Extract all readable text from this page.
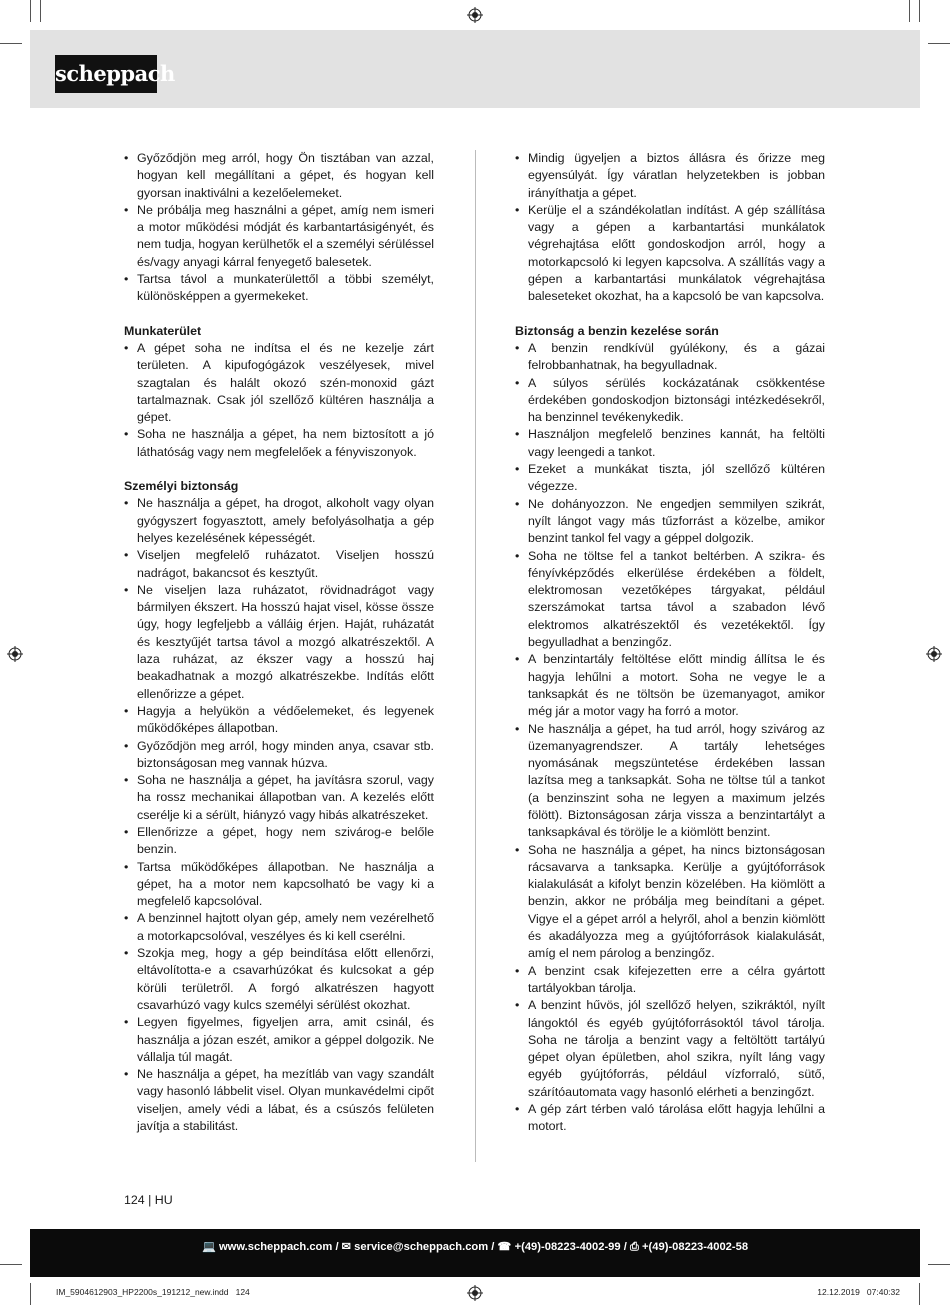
scheppach
• Győződjön meg arról, hogy Ön tisztában van azzal, hogyan kell megállítani a gépet, és hogyan kell gyorsan inaktiválni a kezelőelemeket.
• Ne próbálja meg használni a gépet, amíg nem ismeri a motor működési módját és karbantartásigényét, és nem tudja, hogyan kerülhetők el a személyi sérüléssel és/vagy anyagi kárral fenyegető balesetek.
• Tartsa távol a munkaterülettől a többi személyt, különösképpen a gyermekeket.
Munkaterület
• A gépet soha ne indítsa el és ne kezelje zárt területen. A kipufogógázok veszélyesek, mivel szagtalan és halált okozó szén-monoxid gázt tartalmaznak. Csak jól szellőző kültéren használja a gépet.
• Soha ne használja a gépet, ha nem biztosított a jó láthatóság vagy nem megfelelőek a fényviszonyok.
Személyi biztonság
• Ne használja a gépet, ha drogot, alkoholt vagy olyan gyógyszert fogyasztott, amely befolyásolhatja a gép helyes kezelésének képességét.
• Viseljen megfelelő ruházatot. Viseljen hosszú nadrágot, bakancsot és kesztyűt.
• Ne viseljen laza ruházatot, rövidnadrágot vagy bármilyen ékszert. Ha hosszú hajat visel, kösse össze úgy, hogy legfeljebb a válláig érjen. Haját, ruházatát és kesztyűjét tartsa távol a mozgó alkatrészektől. A laza ruházat, az ékszer vagy a hosszú haj beakadhatnak a mozgó alkatrészekbe. Indítás előtt ellenőrizze a gépet.
• Hagyja a helyükön a védőelemeket, és legyenek működőképes állapotban.
• Győződjön meg arról, hogy minden anya, csavar stb. biztonságosan meg vannak húzva.
• Soha ne használja a gépet, ha javításra szorul, vagy ha rossz mechanikai állapotban van. A kezelés előtt cserélje ki a sérült, hiányzó vagy hibás alkatrészeket.
• Ellenőrizze a gépet, hogy nem szivárog-e belőle benzin.
• Tartsa működőképes állapotban. Ne használja a gépet, ha a motor nem kapcsolható be vagy ki a megfelelő kapcsolóval.
• A benzinnel hajtott olyan gép, amely nem vezérelhető a motorkapcsolóval, veszélyes és ki kell cserélni.
• Szokja meg, hogy a gép beindítása előtt ellenőrzi, eltávolította-e a csavarhúzókat és kulcsokat a gép körüli területről. A forgó alkatrészen hagyott csavarhúzó vagy kulcs személyi sérülést okozhat.
• Legyen figyelmes, figyeljen arra, amit csinál, és használja a józan eszét, amikor a géppel dolgozik. Ne vállalja túl magát.
• Ne használja a gépet, ha mezítláb van vagy szandált vagy hasonló lábbelit visel. Olyan munkavédelmi cipőt viseljen, amely védi a lábat, és a csúszós felületen javítja a stabilitást.
• Mindig ügyeljen a biztos állásra és őrizze meg egyensúlyát. Így váratlan helyzetekben is jobban irányíthatja a gépet.
• Kerülje el a szándékolatlan indítást. A gép szállítása vagy a gépen a karbantartási munkálatok végrehajtása előtt gondoskodjon arról, hogy a motorkapcsoló ki legyen kapcsolva. A szállítás vagy a gépen a karbantartási munkálatok végrehajtása baleseteket okozhat, ha a kapcsoló be van kapcsolva.
Biztonság a benzin kezelése során
• A benzin rendkívül gyúlékony, és a gázai felrobbanhatnak, ha begyulladnak.
• A súlyos sérülés kockázatának csökkentése érdekében gondoskodjon biztonsági intézkedésekről, ha benzinnel tevékenykedik.
• Használjon megfelelő benzines kannát, ha feltölti vagy leengedi a tankot.
• Ezeket a munkákat tiszta, jól szellőző kültéren végezze.
• Ne dohányozzon. Ne engedjen semmilyen szikrát, nyílt lángot vagy más tűzforrást a közelbe, amikor benzint tankol fel vagy a géppel dolgozik.
• Soha ne töltse fel a tankot beltérben. A szikra- és fényívképződés elkerülése érdekében a földelt, elektromosan vezetőképes tárgyakat, például szerszámokat tartsa távol a szabadon lévő elektromos alkatrészektől és vezetékektől. Így begyulladhat a benzingőz.
• A benzintartály feltöltése előtt mindig állítsa le és hagyja lehűlni a motort. Soha ne vegye le a tanksapkát és ne töltsön be üzemanyagot, amikor még jár a motor vagy ha forró a motor.
• Ne használja a gépet, ha tud arról, hogy szivárog az üzemanyagrendszer. A tartály lehetséges nyomásának megszüntetése érdekében lassan lazítsa meg a tanksapkát. Soha ne töltse túl a tankot (a benzinszint soha ne legyen a maximum jelzés fölött). Biztonságosan zárja vissza a benzintartályt a tanksapkával és törölje le a kiömlött benzint.
• Soha ne használja a gépet, ha nincs biztonságosan rácsavarva a tanksapka. Kerülje a gyújtóforrások kialakulását a kifolyt benzin közelében. Ha kiömlött a benzin, akkor ne próbálja meg beindítani a gépet. Vigye el a gépet arról a helyről, ahol a benzin kiömlött és akadályozza meg a gyújtóforrások kialakulását, amíg el nem párolog a benzingőz.
• A benzint csak kifejezetten erre a célra gyártott tartályokban tárolja.
• A benzint hűvös, jól szellőző helyen, szikráktól, nyílt lángoktól és egyéb gyújtóforrásoktól távol tárolja. Soha ne tárolja a benzint vagy a feltöltött tartályú gépet olyan épületben, ahol szikra, nyílt láng vagy egyéb gyújtóforrás, például vízforraló, sütő, szárítóautomata vagy hasonló elérheti a benzingőzt.
• A gép zárt térben való tárolása előtt hagyja lehűlni a motort.
124 | HU
💻 www.scheppach.com / ✉ service@scheppach.com / ☎ +(49)-08223-4002-99 / ⎙ +(49)-08223-4002-58
IM_5904612903_HP2200s_191212_new.indd   124	12.12.2019   07:40:32
